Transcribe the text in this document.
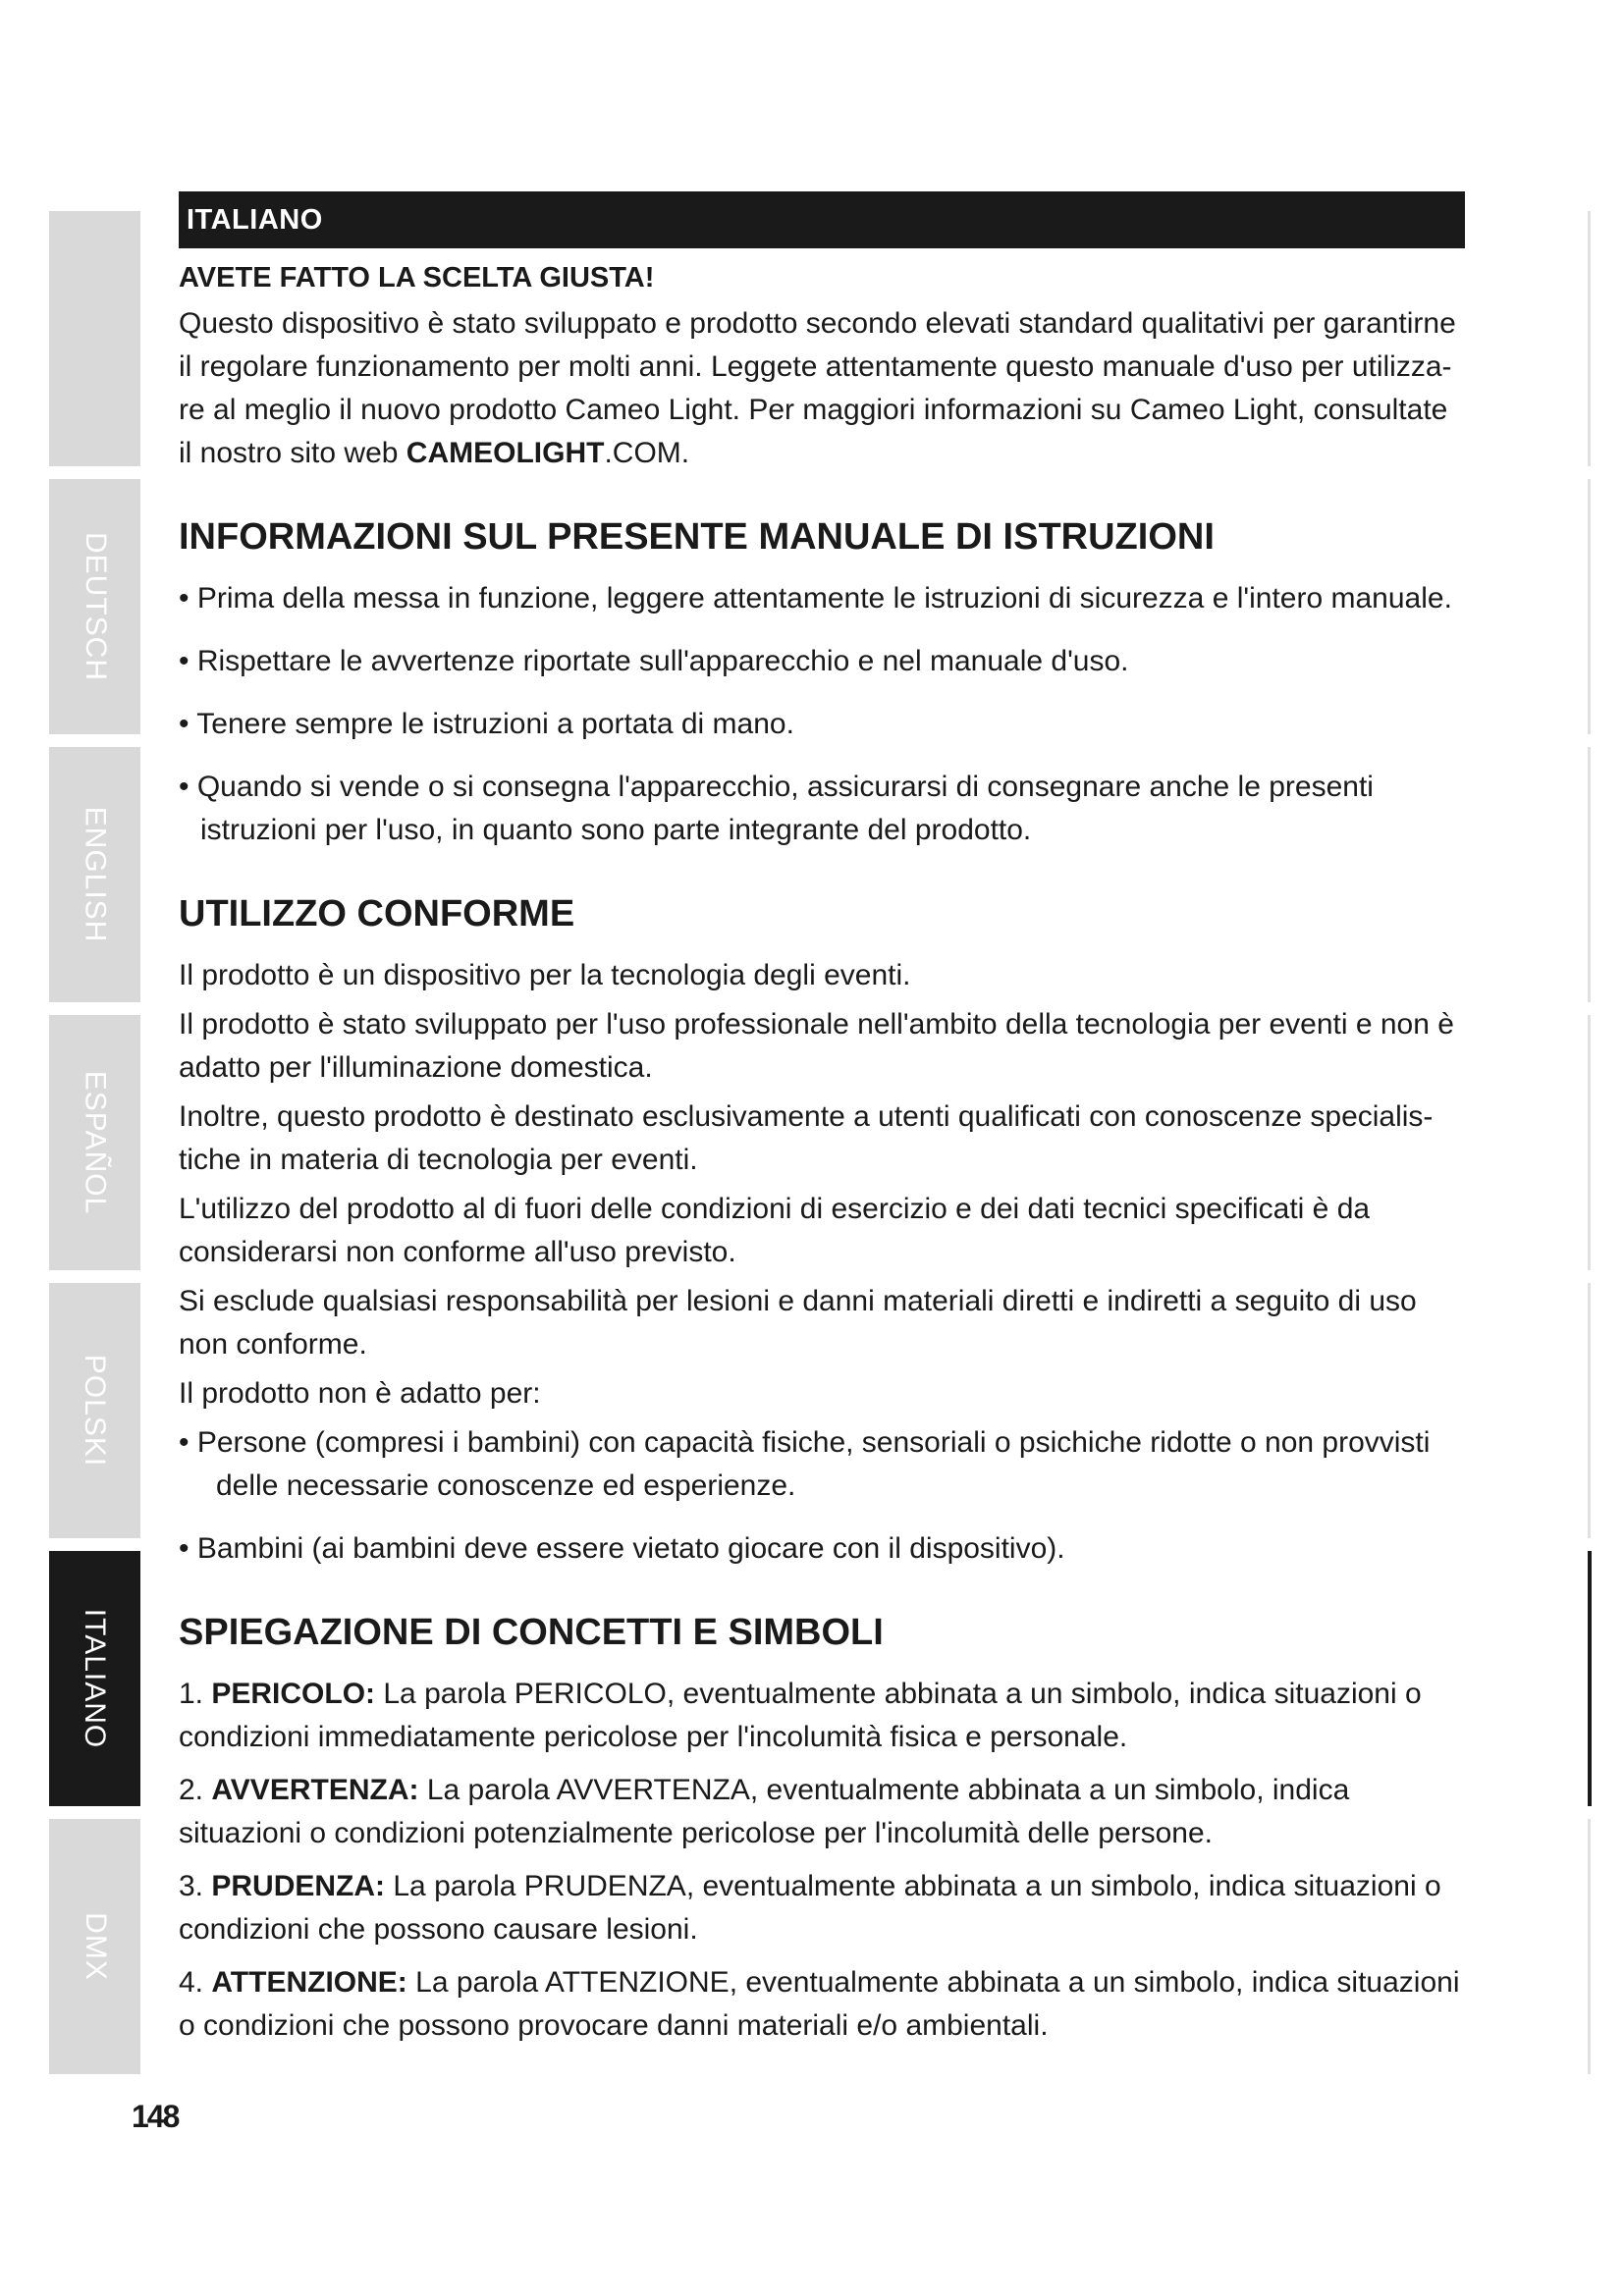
DEUTSCH
ENGLISH
ESPAÑOL
POLSKI
ITALIANO
DMX
ITALIANO
AVETE FATTO LA SCELTA GIUSTA!

Questo dispositivo è stato sviluppato e prodotto secondo elevati standard qualitativi per garantirne il regolare funzionamento per molti anni. Leggete attentamente questo manuale d'uso per utilizza-re al meglio il nuovo prodotto Cameo Light. Per maggiori informazioni su Cameo Light, consultate il nostro sito web CAMEOLIGHT.COM.

INFORMAZIONI SUL PRESENTE MANUALE DI ISTRUZIONI
• Prima della messa in funzione, leggere attentamente le istruzioni di sicurezza e l'intero manuale.
• Rispettare le avvertenze riportate sull'apparecchio e nel manuale d'uso.
• Tenere sempre le istruzioni a portata di mano.
• Quando si vende o si consegna l'apparecchio, assicurarsi di consegnare anche le presenti istruzioni per l'uso, in quanto sono parte integrante del prodotto.
UTILIZZO CONFORME

Il prodotto è un dispositivo per la tecnologia degli eventi.

Il prodotto è stato sviluppato per l'uso professionale nell'ambito della tecnologia per eventi e non è adatto per l'illuminazione domestica.

Inoltre, questo prodotto è destinato esclusivamente a utenti qualificati con conoscenze specialis-tiche in materia di tecnologia per eventi.

L'utilizzo del prodotto al di fuori delle condizioni di esercizio e dei dati tecnici specificati è da considerarsi non conforme all'uso previsto.

Si esclude qualsiasi responsabilità per lesioni e danni materiali diretti e indiretti a seguito di uso non conforme.

Il prodotto non è adatto per:

• Persone (compresi i bambini) con capacità fisiche, sensoriali o psichiche ridotte o non provvisti delle necessarie conoscenze ed esperienze.
• Bambini (ai bambini deve essere vietato giocare con il dispositivo).
SPIEGAZIONE DI CONCETTI E SIMBOLI
1. PERICOLO: La parola PERICOLO, eventualmente abbinata a un simbolo, indica situazioni o condizioni immediatamente pericolose per l'incolumità fisica e personale.
2. AVVERTENZA: La parola AVVERTENZA, eventualmente abbinata a un simbolo, indica situazioni o condizioni potenzialmente pericolose per l'incolumità delle persone.
3. PRUDENZA: La parola PRUDENZA, eventualmente abbinata a un simbolo, indica situazioni o condizioni che possono causare lesioni.
4. ATTENZIONE: La parola ATTENZIONE, eventualmente abbinata a un simbolo, indica situazioni o condizioni che possono provocare danni materiali e/o ambientali.
148
